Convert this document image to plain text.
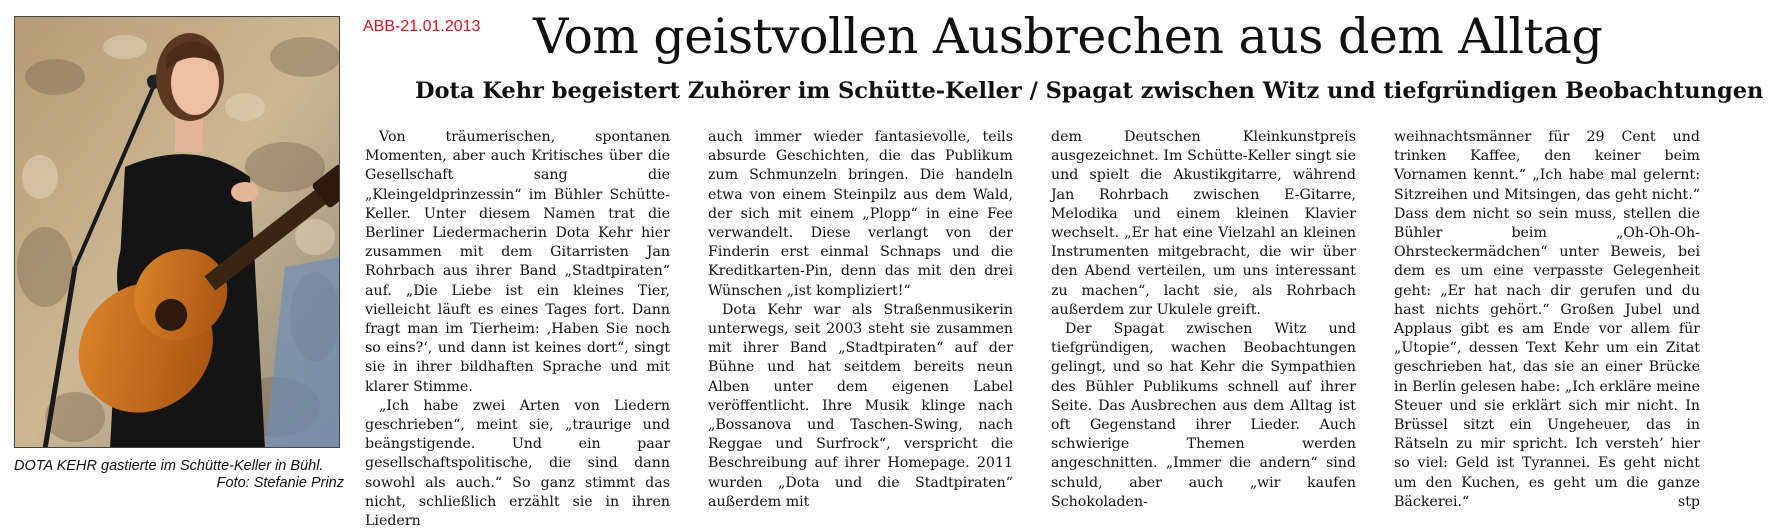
DOTA KEHR gastierte im Schütte-Keller in Bühl.

Foto: Stefanie Prinz
ABB-21.01.2013 Vom geistvollen Ausbrechen aus dem Alltag
Dota Kehr begeistert Zuhörer im Schütte-Keller / Spagat zwischen Witz und tiefgründigen Beobachtungen

Von träumerischen, spontanen Momenten, aber auch Kritisches über die Gesellschaft sang die „Kleingeldprinzessin“ im Bühler Schütte-Keller. Unter diesem Namen trat die Berliner Liedermacherin Dota Kehr hier zusammen mit dem Gitarristen Jan Rohrbach aus ihrer Band „Stadtpiraten“ auf. „Die Liebe ist ein kleines Tier, vielleicht läuft es eines Tages fort. Dann fragt man im Tierheim: ‚Haben Sie noch so eins?‘, und dann ist keines dort“, singt sie in ihrer bildhaften Sprache und mit klarer Stimme.

„Ich habe zwei Arten von Liedern geschrieben“, meint sie, „traurige und beängstigende. Und ein paar gesellschaftspolitische, die sind dann sowohl als auch.“ So ganz stimmt das nicht, schließlich erzählt sie in ihren Liedern

auch immer wieder fantasievolle, teils absurde Geschichten, die das Publikum zum Schmunzeln bringen. Die handeln etwa von einem Steinpilz aus dem Wald, der sich mit einem „Plopp“ in eine Fee verwandelt. Diese verlangt von der Finderin erst einmal Schnaps und die Kreditkarten-Pin, denn das mit den drei Wünschen „ist kompliziert!“

Dota Kehr war als Straßenmusikerin unterwegs, seit 2003 steht sie zusammen mit ihrer Band „Stadtpiraten“ auf der Bühne und hat seitdem bereits neun Alben unter dem eigenen Label veröffentlicht. Ihre Musik klinge nach „Bossanova und Taschen-Swing, nach Reggae und Surfrock“, verspricht die Beschreibung auf ihrer Homepage. 2011 wurden „Dota und die Stadtpiraten“ außerdem mit

dem Deutschen Kleinkunstpreis ausgezeichnet. Im Schütte-Keller singt sie und spielt die Akustikgitarre, während Jan Rohrbach zwischen E-Gitarre, Melodika und einem kleinen Klavier wechselt. „Er hat eine Vielzahl an kleinen Instrumenten mitgebracht, die wir über den Abend verteilen, um uns interessant zu machen“, lacht sie, als Rohrbach außerdem zur Ukulele greift.

Der Spagat zwischen Witz und tiefgründigen, wachen Beobachtungen gelingt, und so hat Kehr die Sympathien des Bühler Publikums schnell auf ihrer Seite. Das Ausbrechen aus dem Alltag ist oft Gegenstand ihrer Lieder. Auch schwierige Themen werden angeschnitten. „Immer die andern“ sind schuld, aber auch „wir kaufen Schokoladen-

weihnachtsmänner für 29 Cent und trinken Kaffee, den keiner beim Vornamen kennt.“ „Ich habe mal gelernt: Sitzreihen und Mitsingen, das geht nicht.“ Dass dem nicht so sein muss, stellen die Bühler beim „Oh-Oh-Oh-Ohrsteckermädchen“ unter Beweis, bei dem es um eine verpasste Gelegenheit geht: „Er hat nach dir gerufen und du hast nichts gehört.“ Großen Jubel und Applaus gibt es am Ende vor allem für „Utopie“, dessen Text Kehr um ein Zitat geschrieben hat, das sie an einer Brücke in Berlin gelesen habe: „Ich erkläre meine Steuer und sie erklärt sich mir nicht. In Brüssel sitzt ein Ungeheuer, das in Rätseln zu mir spricht. Ich versteh’ hier so viel: Geld ist Tyrannei. Es geht nicht um den Kuchen, es geht um die ganze Bäckerei.“	stp
